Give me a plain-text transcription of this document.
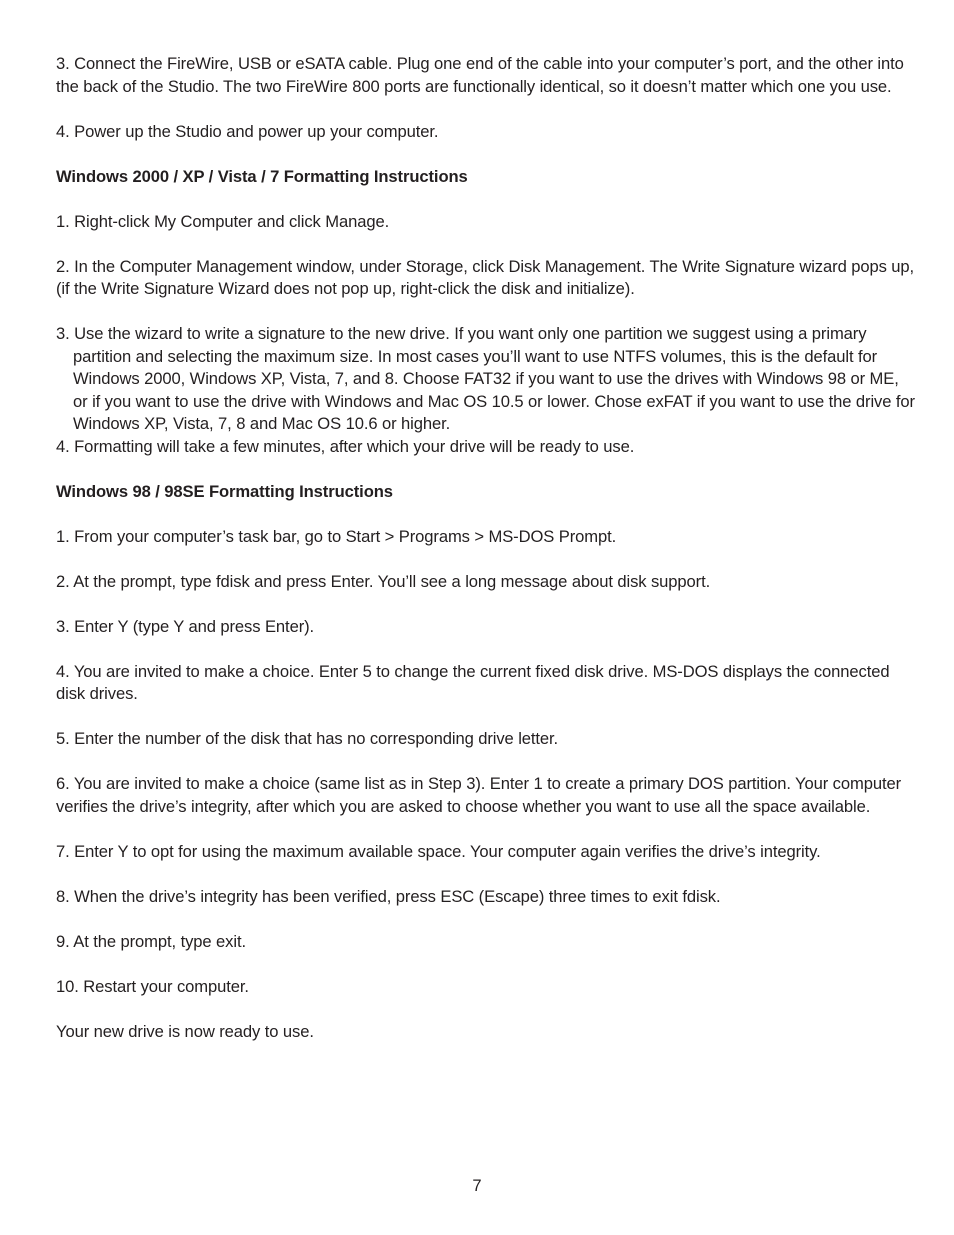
3. Connect the FireWire, USB or eSATA cable. Plug one end of the cable into your computer’s port, and the other into the back of the Studio. The two FireWire 800 ports are functionally identical, so it doesn’t matter which one you use.

4. Power up the Studio and power up your computer.

Windows 2000 / XP / Vista / 7 Formatting Instructions

1. Right-click My Computer and click Manage.

2. In the Computer Management window, under Storage, click Disk Management. The Write Signature wizard pops up, (if the Write Signature Wizard does not pop up, right-click the disk and initialize).

3. Use the wizard to write a signature to the new drive. If you want only one partition we suggest using a primary partition and selecting the maximum size. In most cases you’ll want to use NTFS volumes, this is the default for Windows 2000, Windows XP, Vista, 7, and 8. Choose FAT32 if you want to use the drives with Windows 98 or ME, or if you want to use the drive with Windows and Mac OS 10.5 or lower. Chose exFAT if you want to use the drive for Windows XP, Vista, 7, 8 and Mac OS 10.6 or higher.

4. Formatting will take a few minutes, after which your drive will be ready to use.

Windows 98 / 98SE Formatting Instructions

1. From your computer’s task bar, go to Start > Programs > MS-DOS Prompt.

2. At the prompt, type fdisk and press Enter. You’ll see a long message about disk support.

3. Enter Y (type Y and press Enter).

4. You are invited to make a choice. Enter 5 to change the current fixed disk drive. MS-DOS displays the connected disk drives.

5. Enter the number of the disk that has no corresponding drive letter.

6. You are invited to make a choice (same list as in Step 3). Enter 1 to create a primary DOS partition. Your computer verifies the drive’s integrity, after which you are asked to choose whether you want to use all the space available.

7. Enter Y to opt for using the maximum available space. Your computer again verifies the drive’s integrity.

8. When the drive’s integrity has been verified, press ESC (Escape) three times to exit fdisk.

9. At the prompt, type exit.

10. Restart your computer.

Your new drive is now ready to use.

7
